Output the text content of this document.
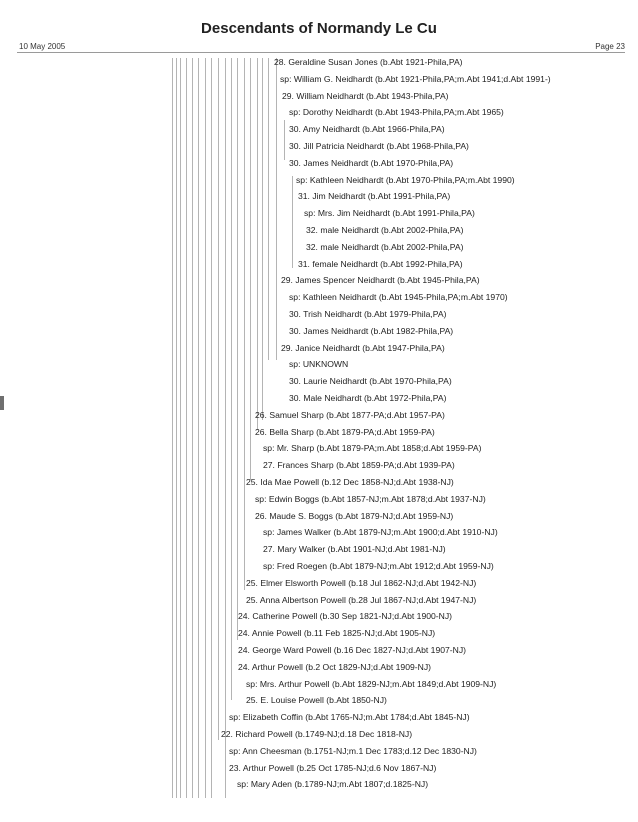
Descendants of Normandy Le Cu
10 May 2005	Page 23
28. Geraldine Susan Jones (b.Abt 1921-Phila,PA)
sp: William G. Neidhardt (b.Abt 1921-Phila,PA;m.Abt 1941;d.Abt 1991-)
29. William Neidhardt (b.Abt 1943-Phila,PA)
sp: Dorothy Neidhardt (b.Abt 1943-Phila,PA;m.Abt 1965)
30. Amy Neidhardt (b.Abt 1966-Phila,PA)
30. Jill Patricia Neidhardt (b.Abt 1968-Phila,PA)
30. James Neidhardt (b.Abt 1970-Phila,PA)
sp: Kathleen Neidhardt (b.Abt 1970-Phila,PA;m.Abt 1990)
31. Jim Neidhardt (b.Abt 1991-Phila,PA)
sp: Mrs. Jim Neidhardt (b.Abt 1991-Phila,PA)
32. male Neidhardt (b.Abt 2002-Phila,PA)
32. male Neidhardt (b.Abt 2002-Phila,PA)
31. female Neidhardt (b.Abt 1992-Phila,PA)
29. James Spencer Neidhardt (b.Abt 1945-Phila,PA)
sp: Kathleen Neidhardt (b.Abt 1945-Phila,PA;m.Abt 1970)
30. Trish Neidhardt (b.Abt 1979-Phila,PA)
30. James Neidhardt (b.Abt 1982-Phila,PA)
29. Janice Neidhardt (b.Abt 1947-Phila,PA)
sp: UNKNOWN
30. Laurie Neidhardt (b.Abt 1970-Phila,PA)
30. Male Neidhardt (b.Abt 1972-Phila,PA)
26. Samuel Sharp (b.Abt 1877-PA;d.Abt 1957-PA)
26. Bella Sharp (b.Abt 1879-PA;d.Abt 1959-PA)
sp: Mr. Sharp (b.Abt 1879-PA;m.Abt 1858;d.Abt 1959-PA)
27. Frances Sharp (b.Abt 1859-PA;d.Abt 1939-PA)
25. Ida Mae Powell (b.12 Dec 1858-NJ;d.Abt 1938-NJ)
sp: Edwin Boggs (b.Abt 1857-NJ;m.Abt 1878;d.Abt 1937-NJ)
26. Maude S. Boggs (b.Abt 1879-NJ;d.Abt 1959-NJ)
sp: James Walker (b.Abt 1879-NJ;m.Abt 1900;d.Abt 1910-NJ)
27. Mary Walker (b.Abt 1901-NJ;d.Abt 1981-NJ)
sp: Fred Roegen (b.Abt 1879-NJ;m.Abt 1912;d.Abt 1959-NJ)
25. Elmer Elsworth Powell (b.18 Jul 1862-NJ;d.Abt 1942-NJ)
25. Anna Albertson Powell (b.28 Jul 1867-NJ;d.Abt 1947-NJ)
24. Catherine Powell (b.30 Sep 1821-NJ;d.Abt 1900-NJ)
24. Annie Powell (b.11 Feb 1825-NJ;d.Abt 1905-NJ)
24. George Ward Powell (b.16 Dec 1827-NJ;d.Abt 1907-NJ)
24. Arthur Powell (b.2 Oct 1829-NJ;d.Abt 1909-NJ)
sp: Mrs. Arthur Powell (b.Abt 1829-NJ;m.Abt 1849;d.Abt 1909-NJ)
25. E. Louise Powell (b.Abt 1850-NJ)
sp: Elizabeth Coffin (b.Abt 1765-NJ;m.Abt 1784;d.Abt 1845-NJ)
22. Richard Powell (b.1749-NJ;d.18 Dec 1818-NJ)
sp: Ann Cheesman (b.1751-NJ;m.1 Dec 1783;d.12 Dec 1830-NJ)
23. Arthur Powell (b.25 Oct 1785-NJ;d.6 Nov 1867-NJ)
sp: Mary Aden (b.1789-NJ;m.Abt 1807;d.1825-NJ)
